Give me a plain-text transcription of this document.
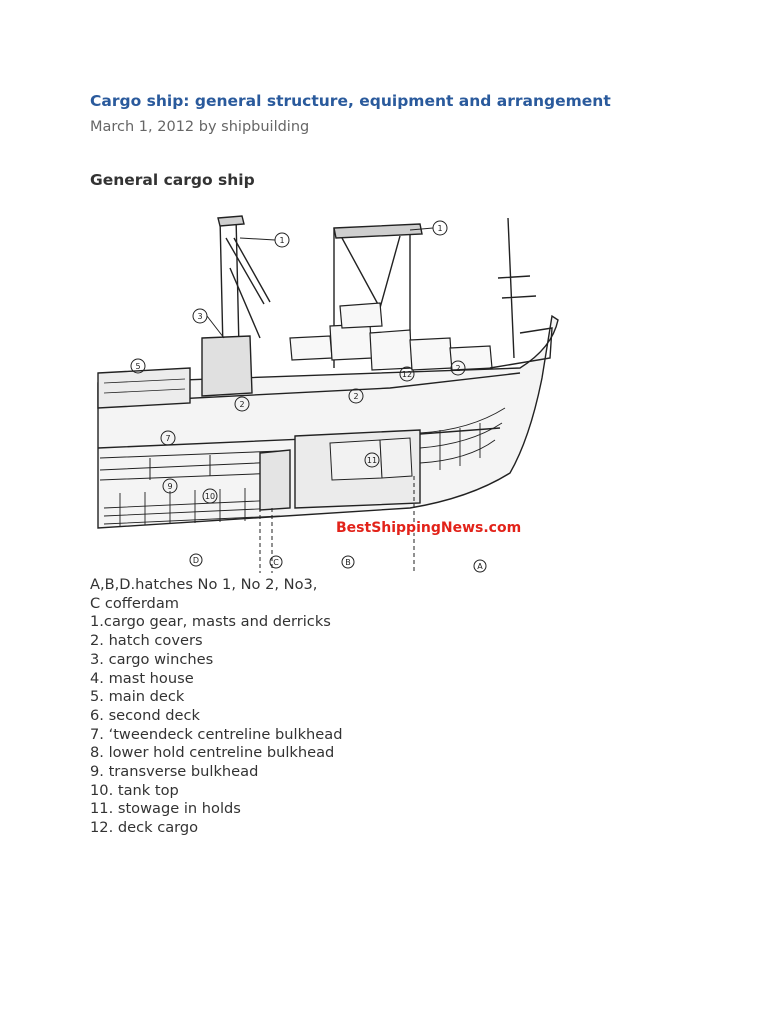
Cargo ship: general structure, equipment and arrangement
March 1, 2012 by shipbuilding
General cargo ship
1
1
2
2
2
3
5
7
9
10
11
12
A
B
C
D
BestShippingNews.com
A,B,D.hatches No 1, No 2, No3,
C cofferdam
1.cargo gear, masts and derricks
2. hatch covers
3. cargo winches
4. mast house
5. main deck
6. second deck
7. ‘tweendeck centreline bulkhead
8. lower hold centreline bulkhead
9. transverse bulkhead
10. tank top
11. stowage in holds
12. deck cargo
